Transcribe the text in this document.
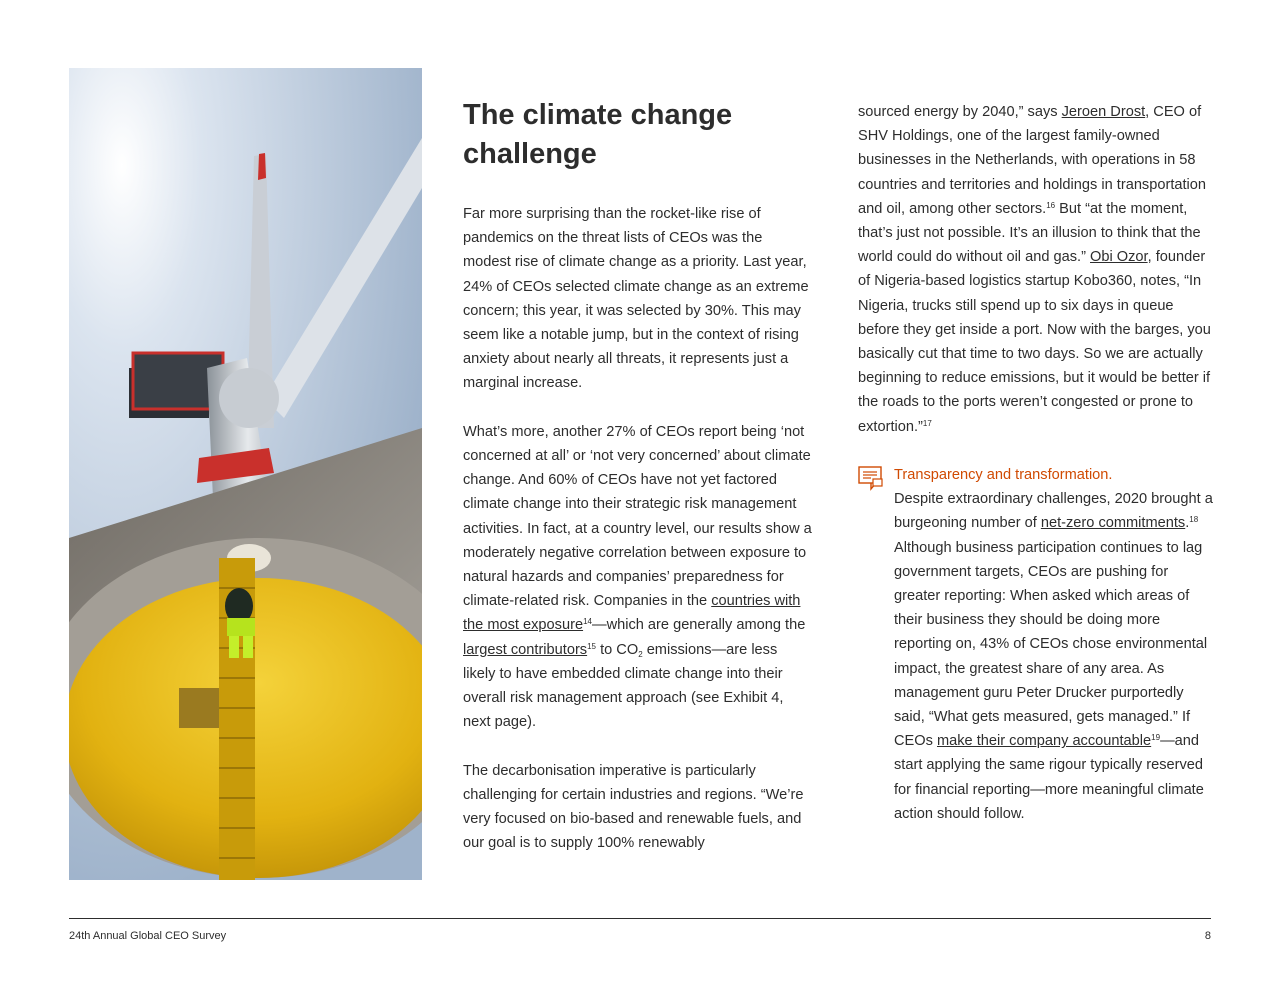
The climate change challenge

Far more surprising than the rocket-like rise of pandemics on the threat lists of CEOs was the modest rise of climate change as a priority. Last year, 24% of CEOs selected climate change as an extreme concern; this year, it was selected by 30%. This may seem like a notable jump, but in the context of rising anxiety about nearly all threats, it represents just a marginal increase.

What’s more, another 27% of CEOs report being ‘not concerned at all’ or ‘not very concerned’ about climate change. And 60% of CEOs have not yet factored climate change into their strategic risk management activities. In fact, at a country level, our results show a moderately negative correlation between exposure to natural hazards and companies’ preparedness for climate-related risk. Companies in the countries with the most exposure$^{14}$—which are generally among the largest contributors$^{15}$ to $CO_2$ emissions—are less likely to have embedded climate change into their overall risk management approach (see Exhibit 4, next page).

The decarbonisation imperative is particularly challenging for certain industries and regions. “We’re very focused on bio-based and renewable fuels, and our goal is to supply 100% renewably

sourced energy by 2040,” says Jeroen Drost, CEO of SHV Holdings, one of the largest family-owned businesses in the Netherlands, with operations in 58 countries and territories and holdings in transportation and oil, among other sectors.$^{16}$ But “at the moment, that’s just not possible. It’s an illusion to think that the world could do without oil and gas.” Obi Ozor, founder of Nigeria-based logistics startup Kobo360, notes, “In Nigeria, trucks still spend up to six days in queue before they get inside a port. Now with the barges, you basically cut that time to two days. So we are actually beginning to reduce emissions, but it would be better if the roads to the ports weren’t congested or prone to extortion.”$^{17}$

Transparency and transformation.
Despite extraordinary challenges, 2020 brought a burgeoning number of net-zero commitments.$^{18}$ Although business participation continues to lag government targets, CEOs are pushing for greater reporting: When asked which areas of their business they should be doing more reporting on, 43% of CEOs chose environmental impact, the greatest share of any area. As management guru Peter Drucker purportedly said, “What gets measured, gets managed.” If CEOs make their company accountable$^{19}$—and start applying the same rigour typically reserved for financial reporting—more meaningful climate action should follow.
24th Annual Global CEO Survey	8
